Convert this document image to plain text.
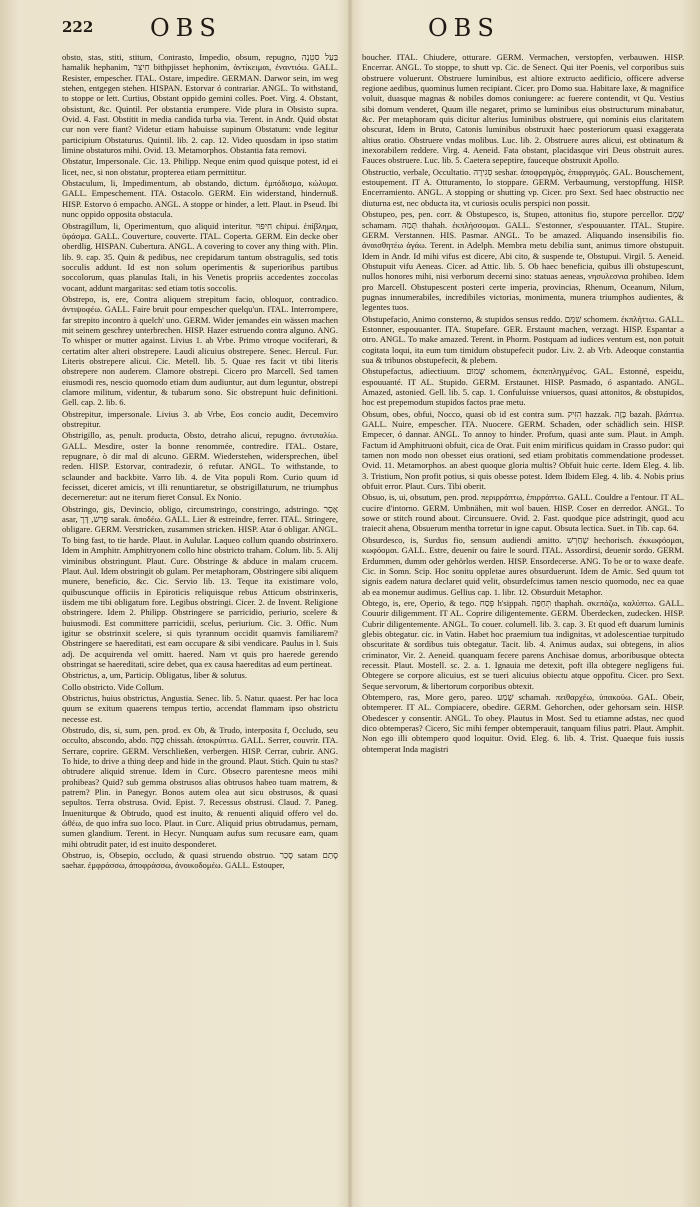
222 OBS	OBS

obsto, stas, stiti, stitum, Contrasto, Impedio, obsum, repugno, בַּעַל סִטְנָה hamalik hephanim, חִיצֵּר bithpjisset hephonim, ἀντίκειμαι, ἐναντιόω. GALL. Resister, empescher. ITAL. Ostare, impedire. GERMAN. Darwor sein, im weg stehen, entgegen stehen. HISPAN. Estorvar ó contrariar. ANGL. To withstand, to stoppe or lett. Curtius, Obstant oppido gemini colles. Poet. Virg. 4. Obstant, obsistunt, &c. Quintil. Per obstantia erumpere. Vide plura in Obsisto supra. Ovid. 4. Fast. Obstitit in media candida turba via. Terent. in Andr. Quid obstat cur non vere fiant? Videtur etiam habuisse supinum Obstatum: vnde legitur participium Obstaturus. Quintil. lib. 2. cap. 12. Video quosdam in ipso statim limine obstaturos mihi. Ovid. 13. Metamorphos. Obstantia fata removi.

Obstatur, Impersonale. Cic. 13. Philipp. Neque enim quod quisque potest, id ei licet, nec, si non obstatur, propterea etiam permittitur.

Obstaculum, li, Impedimentum, ab obstando, dictum. ἐμπόδισμα, κώλυμα. GALL. Empeschement. ITA. Ostacolo. GERM. Ein widerstand, hindernuß. HISP. Estorvo ó empacho. ANGL. A stoppe or hinder, a lett. Plaut. in Pseud. Ibi nunc oppido opposita obstacula.

Obstragillum, li, Operimentum, quo aliquid interitur. חִיפּוּי chipui. ἐπίβλημα, ὑφάσμα. GALL. Couverture, couverte. ITAL. Coperta. GERM. Ein decke ober oberdlig. HISPAN. Cubertura. ANGL. A covering to cover any thing with. Plin. lib. 9. cap. 35. Quin & pedibus, nec crepidarum tantum obstragulis, sed totis socculis addunt. Id est non solum operimentis & superioribus partibus soccolorum, quas planulas Itali, in his Venetis propriis accedentes zoccolas vocant, addunt margaritas: sed etiam totis soccolis.

Obstrepo, is, ere, Contra aliquem strepitum facio, obloquor, contradico. ἀντιψοφέω. GALL. Faire bruit pour empescher quelqu'un. ITAL. Interrompere, far strepito incontro à quelch' uno. GERM. Wider jemandes ein wässen machen mit seinem geschrey unterbrechen. HISP. Hazer estruendo contra alguno. ANG. To whisper or mutter against. Livius 1. ab Vrbe. Primo vtroque vociferari, & certatim alter alteri obstrepere. Laudi alicuius obstrepere. Senec. Hercul. Fur. Literis obstrepere alicui. Cic. Metell. lib. 5. Quae res facit vt tibi literis obstrepere non auderem. Clamore obstrepi. Cicero pro Marcell. Sed tamen eiusmodi res, nescio quomodo etiam dum audiuntur, aut dum leguntur, obstrepi clamore militum, videntur, & tubarum sono. Sic obstrepunt huic definitioni. Gell. cap. 2. lib. 6.

Obstrepitur, impersonale. Livius 3. ab Vrbe, Eos concio audit, Decemviro obstrepitur.

Obstrigillo, as, penult. producta, Obsto, detraho alicui, repugno. ἀντιπαλίω. GALL. Mesdire, oster la bonne renommée, contredire. ITAL. Ostare, repugnare, ò dir mal di alcuno. GERM. Wiederstehen, widersprechen, übel reden. HISP. Estorvar, contradezir, ó refutar. ANGL. To withstande, to sclaunder and backbite. Varro lib. 4. de Vita populi Rom. Curio quum id fecisset, diceret amicis, vt illi renuntiaretur, se obstrigillaturum, ne triumphus decerneretur: aut ne iterum fieret Consul. Ex Nonio.

Obstringo, gis, Devincio, obligo, circumstringo, constringo, adstringo. אָסַר asar, פָּרַשׁ, דָּרָ sarak. ἀποδέω. GALL. Lier & estreindre, ferrer. ITAL. Stringere, obligare. GERM. Verstricken, zusammen stricken. HISP. Atar ó obligar. ANGL. To bing fast, to tie harde. Plaut. in Aulular. Laqueo collum quando obstrinxero. Idem in Amphitr. Amphitryonem collo hinc obstricto traham. Colum. lib. 5. Alij viminibus obstringunt. Plaut. Curc. Obstringe & abduce in malam crucem. Plaut. Aul. Idem obstringit ob gulam. Per metaphoram, Obstringere sibi aliquem munere, beneficio, &c. Cic. Servio lib. 13. Teque ita existimare volo, quibuscunque officiis in Epiroticis reliquisque rebus Atticum obstrinxeris, iisdem me tibi obligatum fore. Legibus obstringi. Cicer. 2. de Invent. Religione obstringere. Idem 2. Philipp. Obstringere se parricidio, periurio, scelere & huiusmodi. Est committere parricidii, scelus, periurium. Cic. 3. Offic. Num igitur se obstrinxit scelere, si quis tyrannum occidit quamvis familiarem? Obstringere se haereditati, est eam occupare & sibi vendicare. Paulus in l. Suis adj. De acquirenda vel omitt. haered. Nam vt quis pro haerede gerendo obstringat se haereditati, scire debet, qua ex causa haereditas ad eum pertineat.

Obstrictus, a, um, Particip. Obligatus, liber & solutus.

Collo obstricto. Vide Collum.

Obstrictus, huius obstrictus, Angustia. Senec. lib. 5. Natur. quaest. Per hac loca quum se exitum quaerens tempus tertio, accendat flammam ipso obstrictu necesse est.

Obstrudo, dis, si, sum, pen. prod. ex Ob, & Trudo, interposita f, Occludo, seu occulto, abscondo, abdo. כָּסָה chissah. ἀποκρύπτω. GALL. Serrer, couvrir. ITA. Serrare, coprire. GERM. Verschließen, verbergen. HISP. Cerrar, cubrir. ANG. To hide, to drive a thing deep and hide in the ground. Plaut. Stich. Quin tu stas? obtrudere aliquid strenue. Idem in Curc. Obsecro parentesne meos mihi prohibeas? Quid? sub gemma obstrusos alias obtrusos habeo tuam matrem, & patrem? Plin. in Panegyr. Bonos autem olea aut sicu obstrusos, & quasi sepultos. Terra obstrusa. Ovid. Epist. 7. Recessus obstrusi. Claud. 7. Paneg. Inueniturque & Obtrudo, quod est inuito, & renuenti aliquid offero vel do. ὠθέω, de quo infra suo loco. Plaut. in Curc. Aliquid prius obtrudamus, pernam, sumen glandium. Terent. in Hecyr. Nunquam aufus sum recusare eam, quam mihi obtrudit pater, id est inuito desponderet.

Obstruo, is, Obsepio, occludo, & quasi struendo obstruo. סָכַר satam סָתַם saehar. ἐμφράσσω, ἀποφράσσω, ἀνοικοδομέω. GALL. Estouper,

boucher. ITAL. Chiudere, otturare. GERM. Vermachen, verstopfen, verbauwen. HISP. Encerrar. ANGL. To stoppe, to shutt vp. Cic. de Senect. Qui iter Poenis, vel corporibus suis obstruere voluerunt. Obstruere luminibus, est altiore extructo aedificio, officere adverse regione aedibus, quominus lumen recipiant. Cicer. pro Domo sua. Habitare laxe, & magnifice voluit, duasque magnas & nobiles domos coniungere: ac fuerere contendit, vt Qu. Vestius sibi domum venderet, Quum ille negaret, primo se luminibus eius obstructurum minabatur, &c. Per metaphoram quis dicitur alterius luminibus obstruere, qui nominis eius claritatem obscurat, Idem in Bruto, Catonis luminibus obstruxit haec posteriorum quasi exaggerata altius oratio. Obstruere vndas molibus. Luc. lib. 2. Obstruere aures alicui, est obtinatum & inexorabilem reddere. Virg. 4. Aeneid. Fata obstant, placidasque viri Deus obstruit aures. Fauces obstruere. Luc. lib. 5. Caetera sepeptire, fauceque obstruxit Apollo.

Obstructio, verbale, Occultatio. סְגִירָה seshar. ἀποφραγμὸς, ἐπιφραγμός. GAL. Bouschement, estoupement. IT A. Otturamento, lo stoppare. GERM. Verbaumung, verstopffung. HISP. Encerramiento. ANGL. A stopping or shutting vp. Cicer. pro Sext. Sed haec obstructio nec diuturna est, nec obducta ita, vt curiosis oculis perspici non possit.

Obstupeo, pes, pen. corr. & Obstupesco, is, Stupeo, attonitus fio, stupore percellor. שָׁמַם schamam. תָּמַהּ thahah. ἐκπλήσσομαι. GALL. S'estonner, s'espouuanter. ITAL. Stupire. GERM. Verstannen. HIS. Pasmar. ANGL. To be amazed. Aliquando insensibilis fio. ἀναισθητέω ἀγάω. Terent. in Adelph. Membra metu debilia sunt, animus timore obstupuit. Idem in Andr. Id mihi vifus est dicere, Abi cito, & suspende te, Obstupui. Virgil. 5. Aeneid. Obstupuit vifu Aeneas. Cicer. ad Attic. lib. 5. Ob haec beneficia, quibus illi obstupescunt, nullos honores mihi, nisi verborum decerni sino: statuas aeneas, νησυλεσνια prohibeo. Idem pro Marcell. Obstupescent posteri certe imperia, provincias, Rhenum, Oceanum, Nilum, pugnas innumerabiles, incredibiles victorias, monimenta, munera triumphos audientes, & legentes tuos.

Obstupefacio, Animo consterno, & stupidos sensus reddo. שִׁמֵּם schomem. ἐκπλήττω. GALL. Estonner, espouuanter. ITA. Stupefare. GER. Erstaunt machen, verzagt. HISP. Espantar a otro. ANGL. To make amazed. Terent. in Phorm. Postquam ad iudices ventum est, non potuit cogitata loqui, ita eum tum timidum obstupefecit pudor. Liv. 2. ab Vrb. Adeoque constantia sua & tribunos obstupefecit, & plebem.

Obstupefactus, adiectiuum. שָׁמוּם schomem, ἐκπεπληγμένος. GAL. Estonné, espeidu, espouuanté. IT AL. Stupido. GERM. Erstaunet. HISP. Pasmado, ó aspantado. ANGL. Amazed, astonied. Gell. lib. 5. cap. 1. Confuluisse vniuersos, quasi attonitos, & obstupidos, hoc est prepemodum stupidos factos prae metu.

Obsum, obes, obfui, Nocco, quasi ob id est contra sum. הִזִּיק hazzak. בָּזָה bazah. βλάπτω. GALL. Nuire, empescher. ITA. Nuocere. GERM. Schaden, oder schädlich sein. HISP. Empecer, ó dannar. ANGL. To annoy to hinder. Profum, quasi ante sum. Plaut. in Amph. Factum id Amphitruoni obfuit, cica de Orat. Fuit enim mirificus quidam in Crasso pudor: qui tamen non modo non obesset eius orationi, sed etiam probitatis commendatione prodesset. Ovid. 11. Metamorphos. an abest quoque gloria multis? Obfuit huic certe. Idem Eleg. 4. lib. 3. Tristium, Non profit potius, si quis obesse potest. Idem Ibidem Eleg. 4. lib. 4. Nobis prius obfuit error. Plaut. Curs. Tibi oberit.

Obsuo, is, ui, obsutum, pen. prod. περιρράπτω, ἐπιρράπτω. GALL. Couldre a l'entour. IT AL. cucire d'intorno. GERM. Umbnähen, mit wol bauen. HISP. Coser en derredor. ANGL. To sowe or stitch round about. Circunsuere. Ovid. 2. Fast. quodque pice adstringit, quod acu traiecit ahena, Obsuerum mentha torretur in igne caput. Obsuta lectica. Suet. in Tib. cap. 64.

Obsurdesco, is, Surdus fio, sensum audiendi amitto. שָׁחַרְשׁ hechorisch. ἐκκωφόομαι, κωφόομαι. GALL. Estre, deuenir ou faire le sourd. ITAL. Assordirsi, deuenir sordo. GERM. Erdummen, dumm oder gehörlos werden. HISP. Ensordecerse. ANG. To be or to waxe deafe. Cic. in Somn. Scip. Hoc sonitu oppletae aures obsurduerunt. Idem de Amic. Sed quum tot signis eadem natura declaret quid velit, obsurdefcimus tamen nescio quomodo, nec ea quae ab ea monemur audimus. Gellius cap. 1. libr. 12. Obsurduit Metaphor.

Obtego, is, ere, Operio, & tego. פְּסַח h'sippah. תְּחַפַּה thaphah. σκεπάζω, καλύπτω. GALL. Couurir diligemment. IT AL. Coprire diligentemente. GERM. Überdecken, zudecken. HISP. Cubrir diligentemente. ANGL. To couer. columell. lib. 3. cap. 3. Et quod eft duarum luminis glebis obtegatur. cic. in Vatin. Habet hoc praemium tua indignitas, vt adolescentiae turpitudo obscuritate & sordibus tuis obtegatur. Tacit. lib. 4. Animus audax, sui obtegens, in alios criminator, Vir. 2. Aeneid. quanquam fecere parens Anchisae domus, arboribusque obtecta recessit. Plaut. Mostell. sc. 2. a. 1. Ignauia me detexit, poft illa obtegere negligens fui. Obtegere se corpore alicuius, est se tueri alicuius obiectu atque oppofitu. Cicer. pro Sext. Seque servorum, & libertorum corporibus obtexit.

Obtempero, ras, More gero, pareo. שָׁמַע schamah. πειθαρχέω, ὑπακούω. GAL. Obeir, obtemperer. IT AL. Compiacere, obedire. GERM. Gehorchen, oder gehorsam sein. HISP. Obedescer y consentir. ANGL. To obey. Plautus in Most. Sed tu etiamne adstas, nec quod dico obtemperas? Cicero, Sic mihi femper obtemperauit, tanquam filius patri. Plaut. Amphit. Non ego illi obtempero quod loquitur. Ovid. Eleg. 6. lib. 4. Trist. Quaeque fuis iussis obtemperat Inda magistri
